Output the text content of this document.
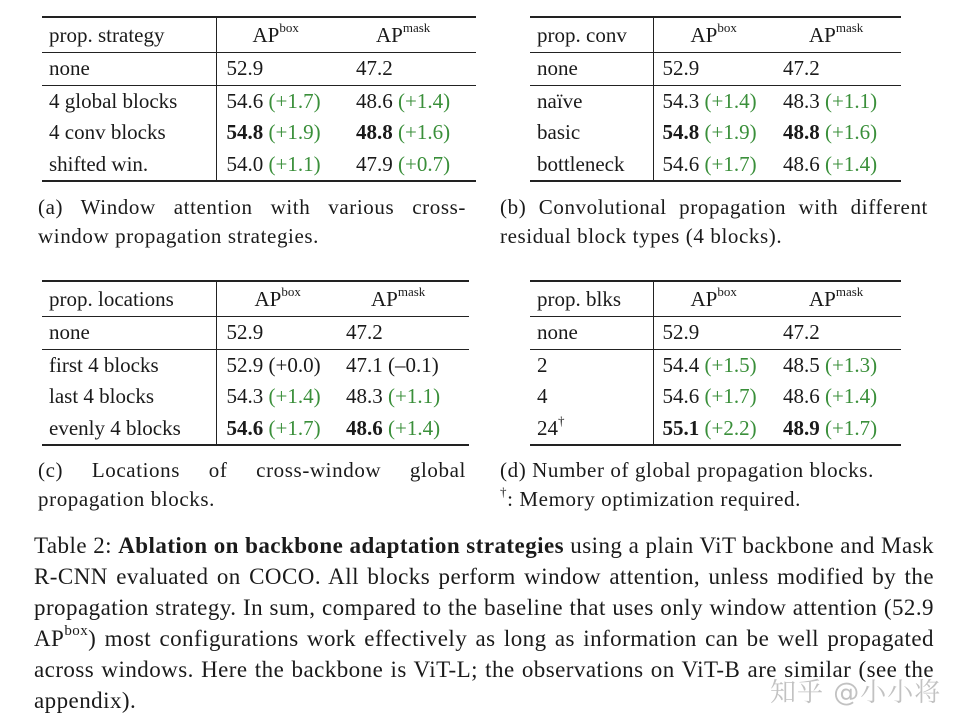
prop. strategy	$AP^{box}$	$AP^{mask}$
none	52.9	47.2
4 global blocks	54.6 (+1.7)	48.6 (+1.4)
4 conv blocks	54.8 (+1.9)	48.8 (+1.6)
shifted win.	54.0 (+1.1)	47.9 (+0.7)
(a) Window attention with various cross-window propagation strategies.
prop. conv	$AP^{box}$	$AP^{mask}$
none	52.9	47.2
naïve	54.3 (+1.4)	48.3 (+1.1)
basic	54.8 (+1.9)	48.8 (+1.6)
bottleneck	54.6 (+1.7)	48.6 (+1.4)
(b) Convolutional propagation with different residual block types (4 blocks).
prop. locations	$AP^{box}$	$AP^{mask}$
none	52.9	47.2
first 4 blocks	52.9 (+0.0)	47.1 (–0.1)
last 4 blocks	54.3 (+1.4)	48.3 (+1.1)
evenly 4 blocks	54.6 (+1.7)	48.6 (+1.4)
(c) Locations of cross-window global propagation blocks.
prop. blks	$AP^{box}$	$AP^{mask}$
none	52.9	47.2
2	54.4 (+1.5)	48.5 (+1.3)
4	54.6 (+1.7)	48.6 (+1.4)
24†	55.1 (+2.2)	48.9 (+1.7)
(d) Number of global propagation blocks.
†: Memory optimization required.
Table 2: Ablation on backbone adaptation strategies using a plain ViT backbone and Mask R-CNN evaluated on COCO. All blocks perform window attention, unless modified by the propagation strategy. In sum, compared to the baseline that uses only window attention (52.9 $AP^{box}$) most configurations work effectively as long as information can be well propagated across windows. Here the backbone is ViT-L; the observations on ViT-B are similar (see the appendix).	知乎 @小小将
